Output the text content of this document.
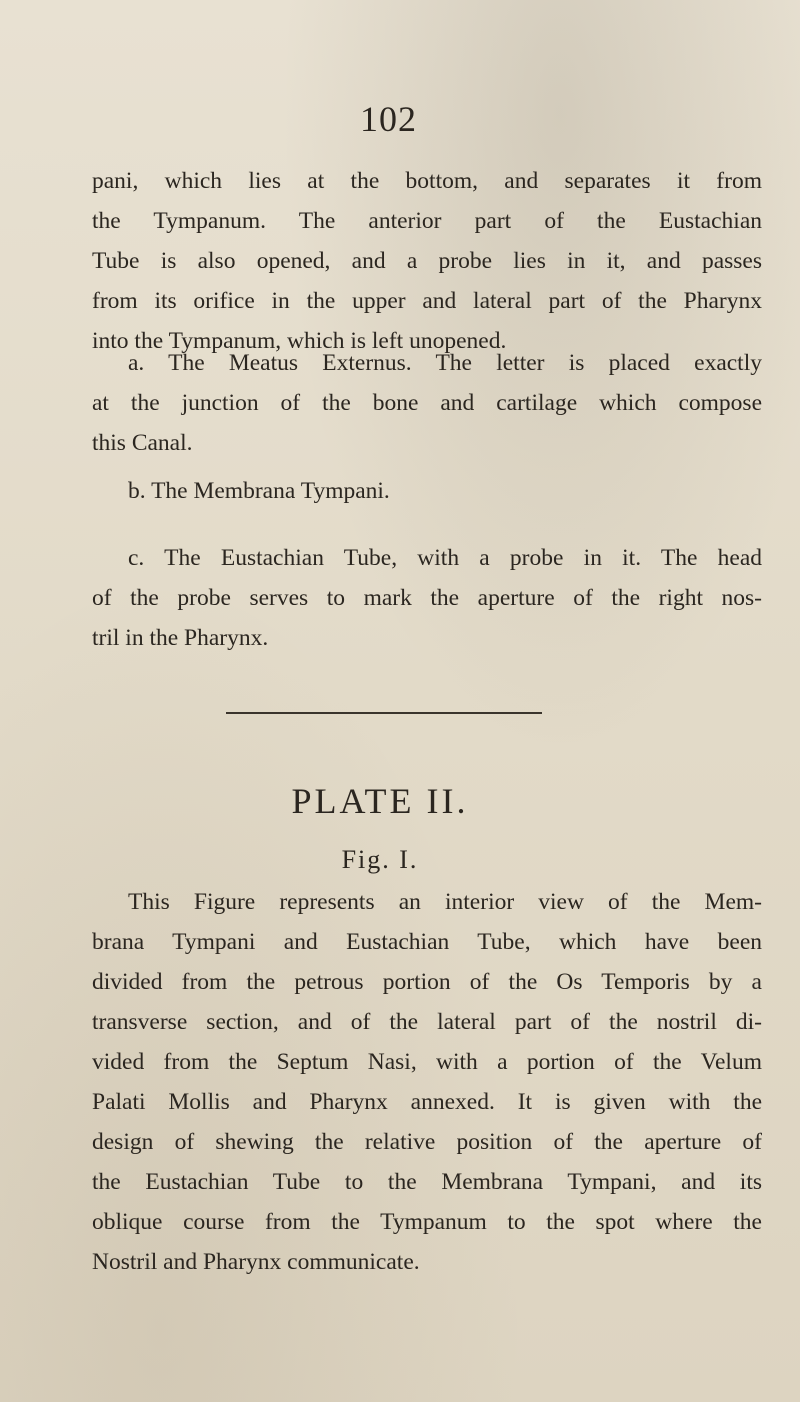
102
pani, which lies at the bottom, and separates it from
the Tympanum. The anterior part of the Eustachian
Tube is also opened, and a probe lies in it, and passes
from its orifice in the upper and lateral part of the Pharynx
into the Tympanum, which is left unopened.
a. The Meatus Externus. The letter is placed exactly
at the junction of the bone and cartilage which compose
this Canal.
b. The Membrana Tympani.
c. The Eustachian Tube, with a probe in it. The head
of the probe serves to mark the aperture of the right nos-
tril in the Pharynx.
PLATE II.
Fig. I.
This Figure represents an interior view of the Mem-
brana Tympani and Eustachian Tube, which have been
divided from the petrous portion of the Os Temporis by a
transverse section, and of the lateral part of the nostril di-
vided from the Septum Nasi, with a portion of the Velum
Palati Mollis and Pharynx annexed. It is given with the
design of shewing the relative position of the aperture of
the Eustachian Tube to the Membrana Tympani, and its
oblique course from the Tympanum to the spot where the
Nostril and Pharynx communicate.
